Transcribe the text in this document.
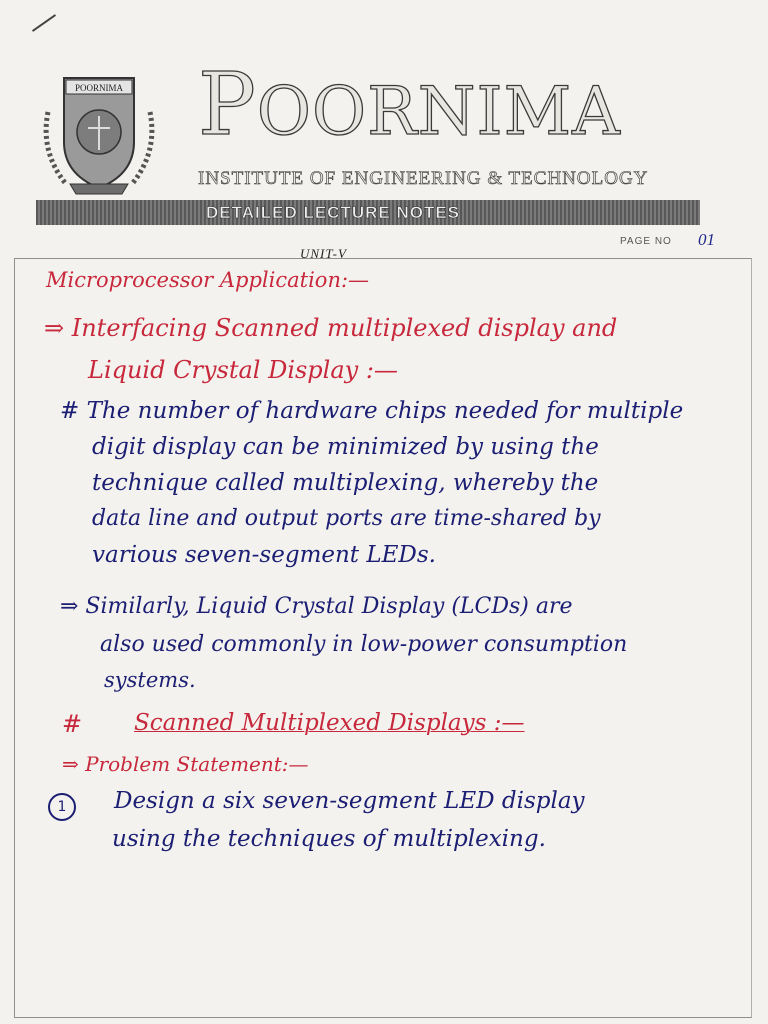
POORNIMA POORNIMA
INSTITUTE OF ENGINEERING & TECHNOLOGY
DETAILED LECTURE NOTES
UNIT-V
PAGE NO 01
Microprocessor Application:—
⇒ Interfacing Scanned multiplexed display and
Liquid Crystal Display :—
# The number of hardware chips needed for multiple
digit display can be minimized by using the
technique called multiplexing, whereby the
data line and output ports are time-shared by
various seven-segment LEDs.
⇒ Similarly, Liquid Crystal Display (LCDs) are
also used commonly in low-power consumption
systems.
# Scanned Multiplexed Displays :—
⇒ Problem Statement:—
1	Design a six seven-segment LED display
using the techniques of multiplexing.
